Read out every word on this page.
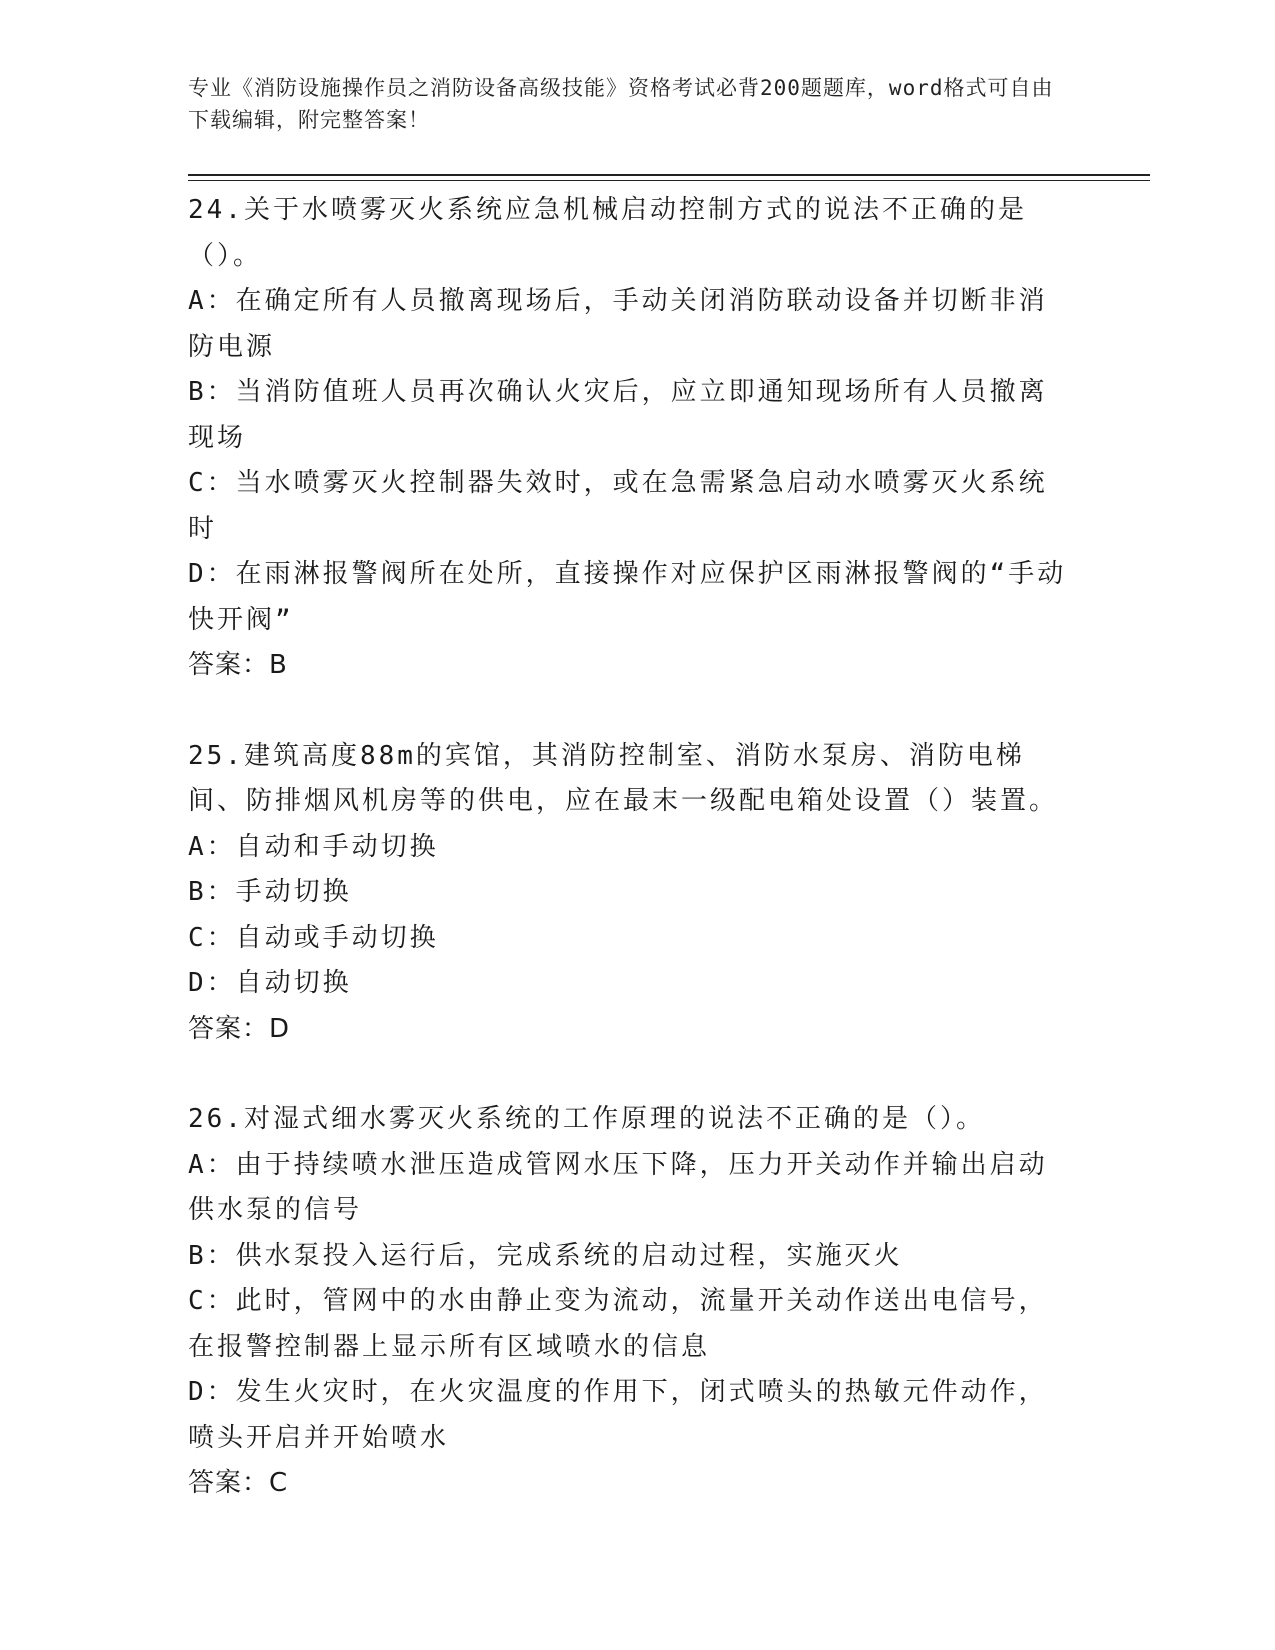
专业《消防设施操作员之消防设备高级技能》资格考试必背200题题库，word格式可自由下载编辑，附完整答案！

24.关于水喷雾灭火系统应急机械启动控制方式的说法不正确的是（）。

A：在确定所有人员撤离现场后，手动关闭消防联动设备并切断非消防电源

B：当消防值班人员再次确认火灾后，应立即通知现场所有人员撤离现场

C：当水喷雾灭火控制器失效时，或在急需紧急启动水喷雾灭火系统时

D：在雨淋报警阀所在处所，直接操作对应保护区雨淋报警阀的“手动快开阀”

答案：B

25.建筑高度88m的宾馆，其消防控制室、消防水泵房、消防电梯间、防排烟风机房等的供电，应在最末一级配电箱处设置（）装置。

A：自动和手动切换

B：手动切换

C：自动或手动切换

D：自动切换

答案：D

26.对湿式细水雾灭火系统的工作原理的说法不正确的是（）。

A：由于持续喷水泄压造成管网水压下降，压力开关动作并输出启动供水泵的信号

B：供水泵投入运行后，完成系统的启动过程，实施灭火

C：此时，管网中的水由静止变为流动，流量开关动作送出电信号，在报警控制器上显示所有区域喷水的信息

D：发生火灾时，在火灾温度的作用下，闭式喷头的热敏元件动作，喷头开启并开始喷水

答案：C
